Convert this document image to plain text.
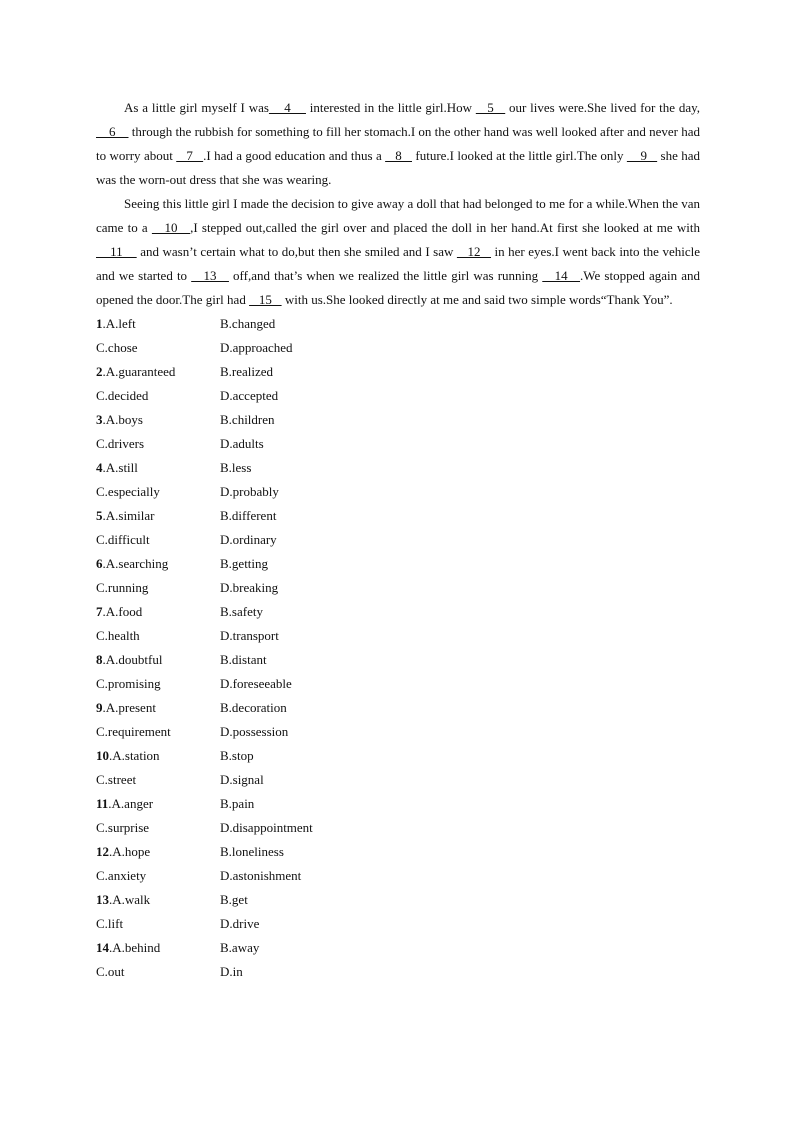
As a little girl myself I was    4     interested in the little girl.How    5    our lives were.She lived for the day,    6     through the rubbish for something to fill her stomach.I on the other hand was well looked after and never had to worry about    7   .I had a good education and thus a    8    future.I looked at the little girl.The only     9    she had was the worn-out dress that she was wearing.

Seeing this little girl I made the decision to give away a doll that had belonged to me for a while.When the van came to a    10   ,I stepped out,called the girl over and placed the doll in her hand.At first she looked at me with     11     and wasn’t certain what to do,but then she smiled and I saw    12    in her eyes.I went back into the vehicle and we started to    13    off,and that’s when we realized the little girl was running    14   .We stopped again and opened the door.The girl had    15    with us.She looked directly at me and said two simple words“Thank You”.

1.A.left	B.changed
C.chose	D.approached
2.A.guaranteed	B.realized
C.decided	D.accepted
3.A.boys	B.children
C.drivers	D.adults
4.A.still	B.less
C.especially	D.probably
5.A.similar	B.different
C.difficult	D.ordinary
6.A.searching	B.getting
C.running	D.breaking
7.A.food	B.safety
C.health	D.transport
8.A.doubtful	B.distant
C.promising	D.foreseeable
9.A.present	B.decoration
C.requirement	D.possession
10.A.station	B.stop
C.street	D.signal
11.A.anger	B.pain
C.surprise	D.disappointment
12.A.hope	B.loneliness
C.anxiety	D.astonishment
13.A.walk	B.get
C.lift	D.drive
14.A.behind	B.away
C.out	D.in
